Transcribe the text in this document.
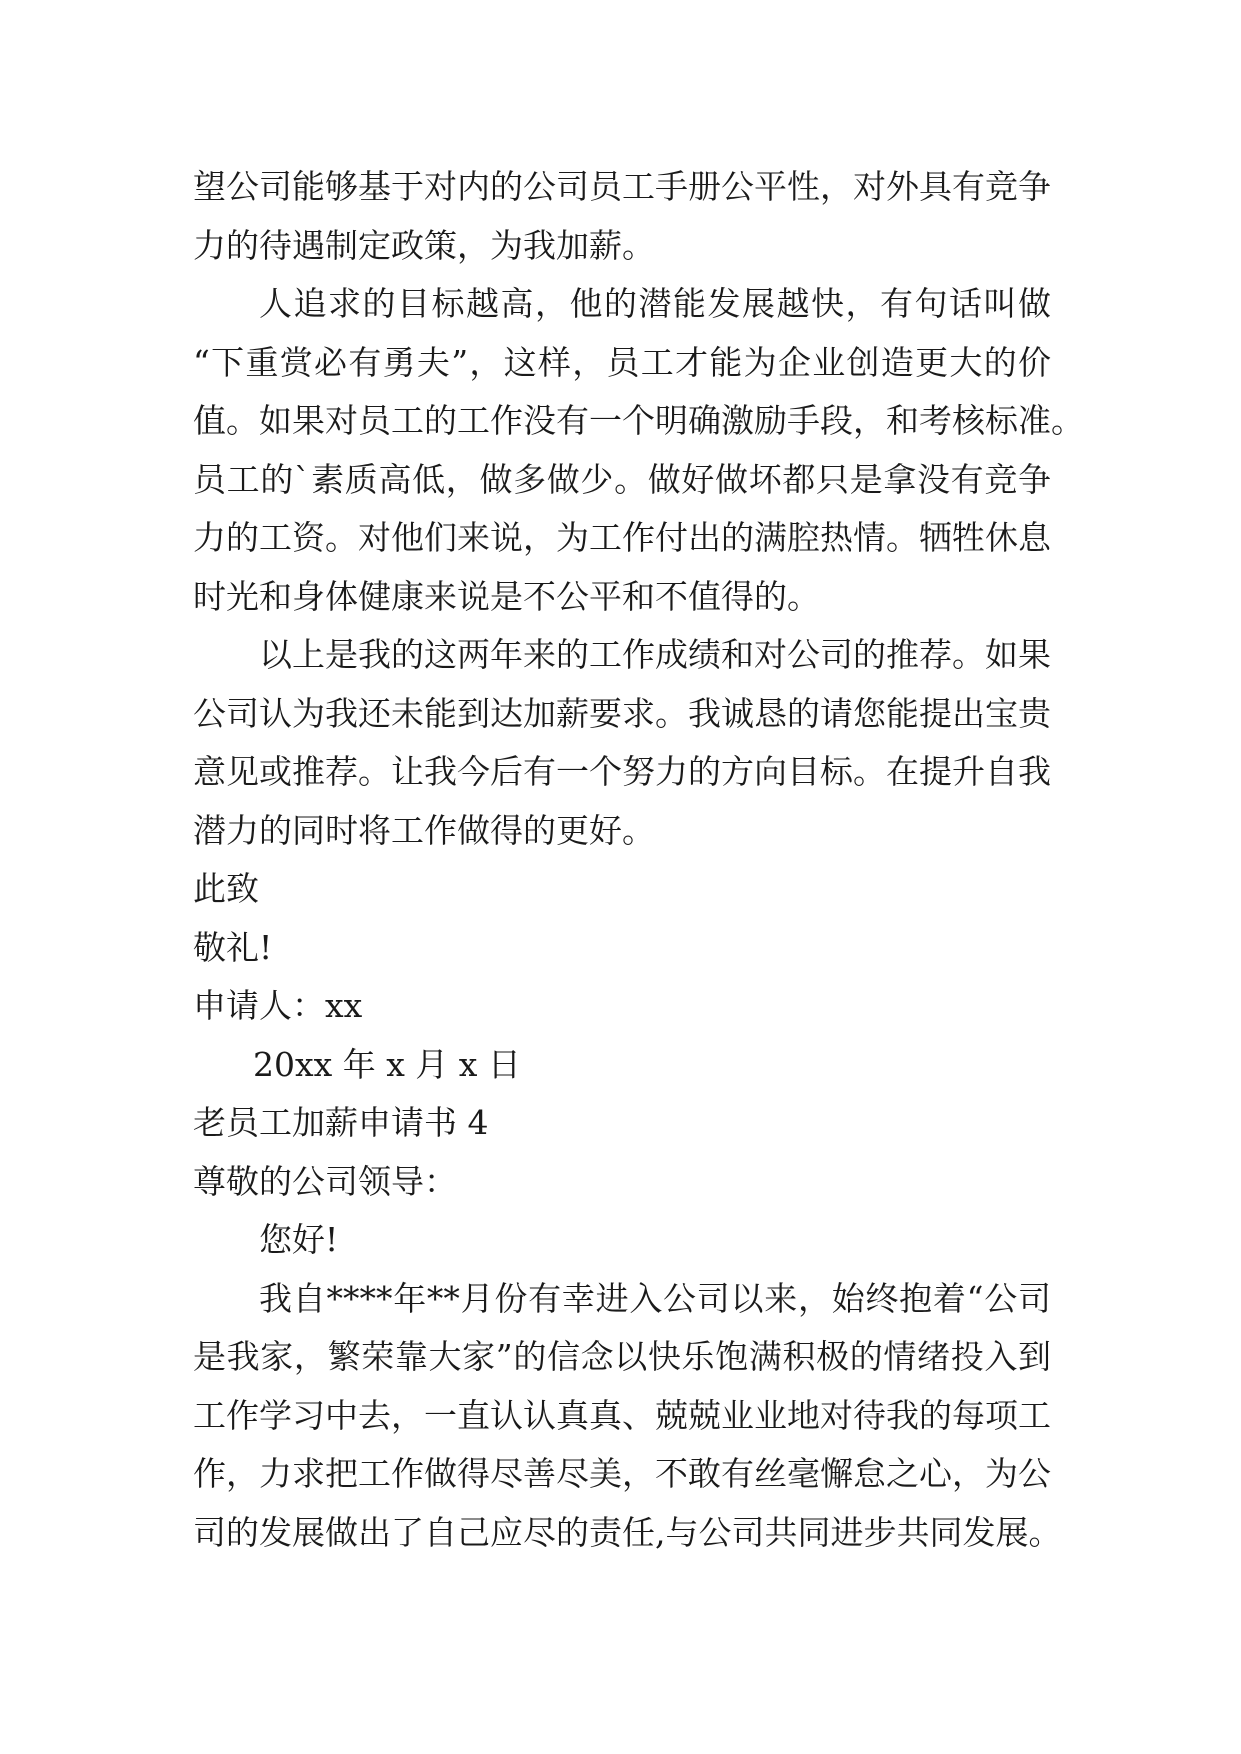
望公司能够基于对内的公司员工手册公平性，对外具有竞争
力的待遇制定政策，为我加薪。
人追求的目标越高，他的潜能发展越快，有句话叫做
“下重赏必有勇夫”，这样，员工才能为企业创造更大的价
值。如果对员工的工作没有一个明确激励手段，和考核标准。
员工的`素质高低，做多做少。做好做坏都只是拿没有竞争
力的工资。对他们来说，为工作付出的满腔热情。牺牲休息
时光和身体健康来说是不公平和不值得的。
以上是我的这两年来的工作成绩和对公司的推荐。如果
公司认为我还未能到达加薪要求。我诚恳的请您能提出宝贵
意见或推荐。让我今后有一个努力的方向目标。在提升自我
潜力的同时将工作做得的更好。
此致
敬礼!
申请人：xx
20xx 年 x 月 x 日
老员工加薪申请书 4
尊敬的公司领导：
您好!
我自****年**月份有幸进入公司以来，始终抱着“公司
是我家，繁荣靠大家”的信念以快乐饱满积极的情绪投入到
工作学习中去，一直认认真真、兢兢业业地对待我的每项工
作，力求把工作做得尽善尽美，不敢有丝毫懈怠之心，为公
司的发展做出了自己应尽的责任,与公司共同进步共同发展。
